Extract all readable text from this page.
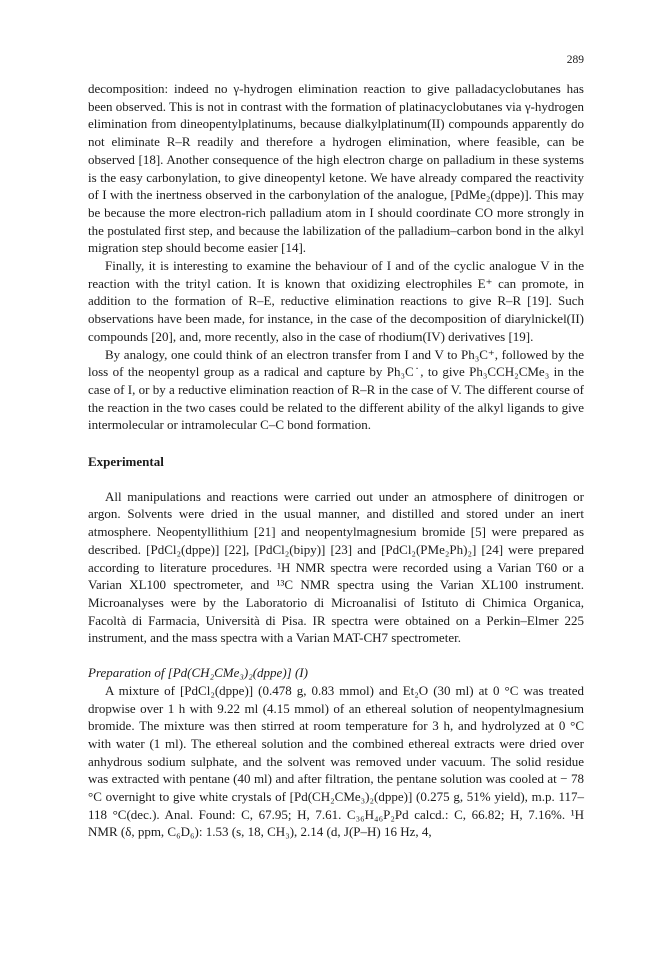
289

decomposition: indeed no γ-hydrogen elimination reaction to give palladacyclobutanes has been observed. This is not in contrast with the formation of platinacyclobutanes via γ-hydrogen elimination from dineopentylplatinums, because dialkylplatinum(II) compounds apparently do not eliminate R–R readily and therefore a hydrogen elimination, where feasible, can be observed [18]. Another consequence of the high electron charge on palladium in these systems is the easy carbonylation, to give dineopentyl ketone. We have already compared the reactivity of I with the inertness observed in the carbonylation of the analogue, [PdMe₂(dppe)]. This may be because the more electron-rich palladium atom in I should coordinate CO more strongly in the postulated first step, and because the labilization of the palladium–carbon bond in the alkyl migration step should become easier [14].

Finally, it is interesting to examine the behaviour of I and of the cyclic analogue V in the reaction with the trityl cation. It is known that oxidizing electrophiles E⁺ can promote, in addition to the formation of R–E, reductive elimination reactions to give R–R [19]. Such observations have been made, for instance, in the case of the decomposition of diarylnickel(II) compounds [20], and, more recently, also in the case of rhodium(IV) derivatives [19].

By analogy, one could think of an electron transfer from I and V to Ph₃C⁺, followed by the loss of the neopentyl group as a radical and capture by Ph₃C˙, to give Ph₃CCH₂CMe₃ in the case of I, or by a reductive elimination reaction of R–R in the case of V. The different course of the reaction in the two cases could be related to the different ability of the alkyl ligands to give intermolecular or intramolecular C–C bond formation.

Experimental

All manipulations and reactions were carried out under an atmosphere of dinitrogen or argon. Solvents were dried in the usual manner, and distilled and stored under an inert atmosphere. Neopentyllithium [21] and neopentylmagnesium bromide [5] were prepared as described. [PdCl₂(dppe)] [22], [PdCl₂(bipy)] [23] and [PdCl₂(PMe₂Ph)₂] [24] were prepared according to literature procedures. ¹H NMR spectra were recorded using a Varian T60 or a Varian XL100 spectrometer, and ¹³C NMR spectra using the Varian XL100 instrument. Microanalyses were by the Laboratorio di Microanalisi of Istituto di Chimica Organica, Facoltà di Farmacia, Università di Pisa. IR spectra were obtained on a Perkin–Elmer 225 instrument, and the mass spectra with a Varian MAT-CH7 spectrometer.

Preparation of [Pd(CH₂CMe₃)₂(dppe)] (I)

A mixture of [PdCl₂(dppe)] (0.478 g, 0.83 mmol) and Et₂O (30 ml) at 0 °C was treated dropwise over 1 h with 9.22 ml (4.15 mmol) of an ethereal solution of neopentylmagnesium bromide. The mixture was then stirred at room temperature for 3 h, and hydrolyzed at 0 °C with water (1 ml). The ethereal solution and the combined ethereal extracts were dried over anhydrous sodium sulphate, and the solvent was removed under vacuum. The solid residue was extracted with pentane (40 ml) and after filtration, the pentane solution was cooled at − 78 °C overnight to give white crystals of [Pd(CH₂CMe₃)₂(dppe)] (0.275 g, 51% yield), m.p. 117–118 °C(dec.). Anal. Found: C, 67.95; H, 7.61. C₃₆H₄₆P₂Pd calcd.: C, 66.82; H, 7.16%. ¹H NMR (δ, ppm, C₆D₆): 1.53 (s, 18, CH₃), 2.14 (d, J(P–H) 16 Hz, 4,
